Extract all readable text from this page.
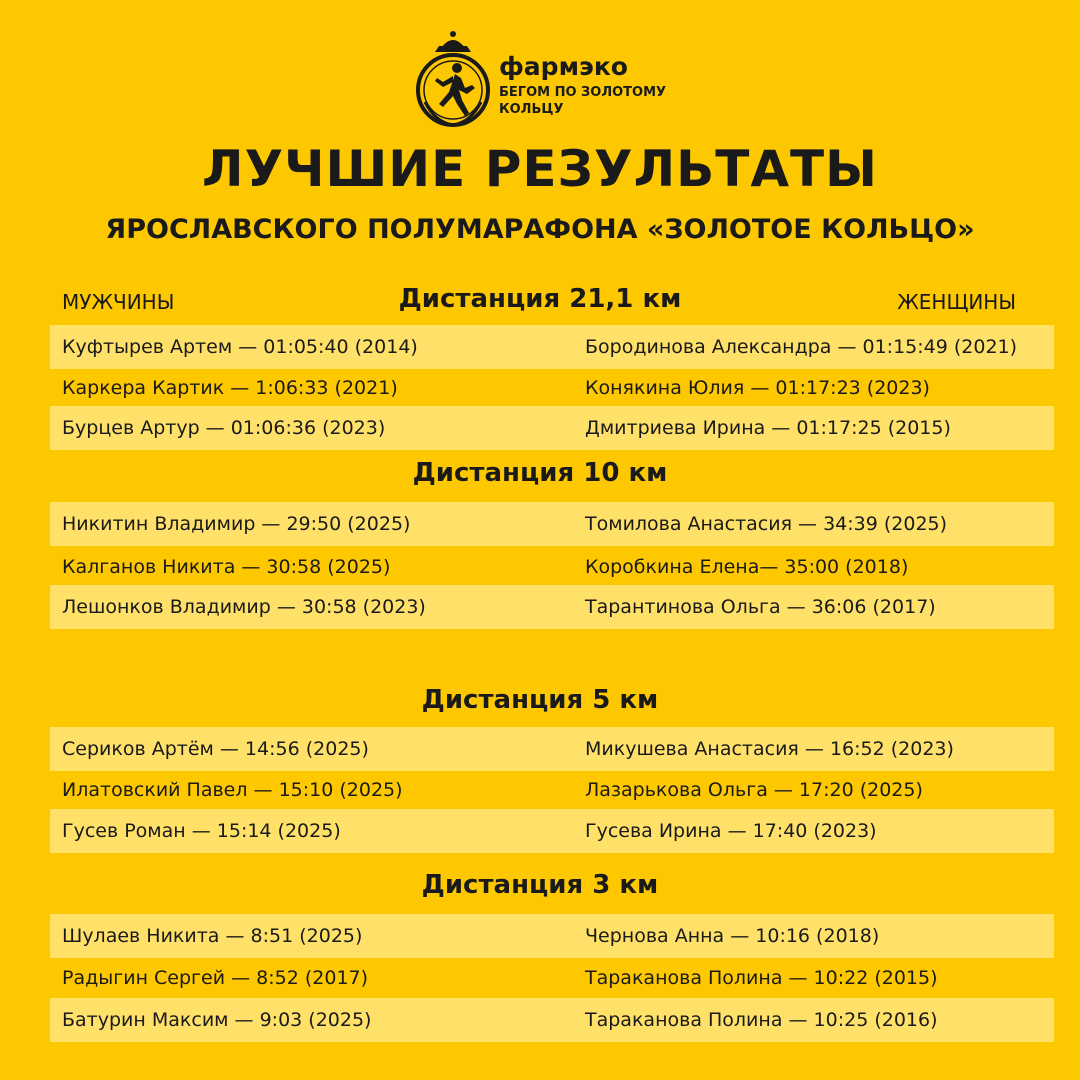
фармэко
БЕГОМ ПО ЗОЛОТОМУ КОЛЬЦУ
ЛУЧШИЕ РЕЗУЛЬТАТЫ
ЯРОСЛАВСКОГО ПОЛУМАРАФОНА «ЗОЛОТОЕ КОЛЬЦО»
МУЖЧИНЫ	ЖЕНЩИНЫ
Дистанция 21,1 км
Куфтырев Артем — 01:05:40 (2014)	Бородинова Александра — 01:15:49 (2021)
Каркера Картик — 1:06:33 (2021)	Конякина Юлия — 01:17:23 (2023)
Бурцев Артур — 01:06:36 (2023)	Дмитриева Ирина — 01:17:25 (2015)
Дистанция 10 км
Никитин Владимир — 29:50 (2025)	Томилова Анастасия — 34:39 (2025)
Калганов Никита — 30:58 (2025)	Коробкина Елена— 35:00 (2018)
Лешонков Владимир — 30:58 (2023)	Тарантинова Ольга — 36:06 (2017)
Дистанция 5 км
Сериков Артём — 14:56 (2025)	Микушева Анастасия — 16:52 (2023)
Илатовский Павел — 15:10 (2025)	Лазарькова Ольга — 17:20 (2025)
Гусев Роман — 15:14 (2025)	Гусева Ирина — 17:40 (2023)
Дистанция 3 км
Шулаев Никита — 8:51 (2025)	Чернова Анна — 10:16 (2018)
Радыгин Сергей — 8:52 (2017)	Тараканова Полина — 10:22 (2015)
Батурин Максим — 9:03 (2025)	Тараканова Полина — 10:25 (2016)
